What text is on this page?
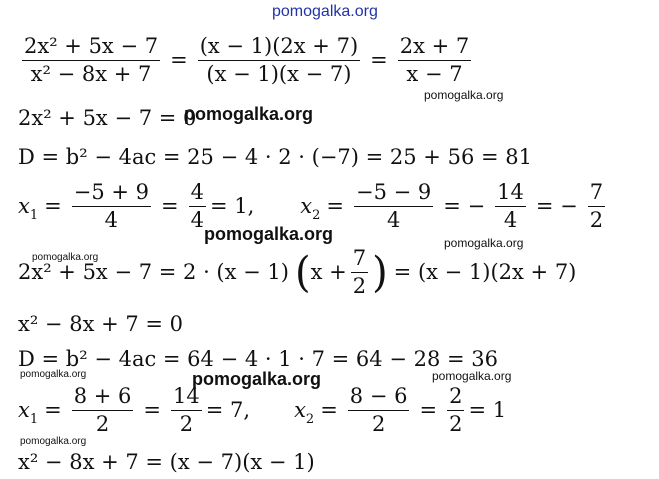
pomogalka.org
$\frac{\text{2x² + 5x − 7}}{\text{x² − 8x + 7}} = \frac{(x - 1)(2x + 7)}{(x - 1)(x - 7)} = \frac{2x + 7}{x - 7}$
pomogalka.org
2x² + 5x − 7 = 0
pomogalka.org
D = b² − 4ac = 25 − 4 · 2 · (−7) = 25 + 56 = 81
$x_1 = \frac{-5 + 9}{4} = \frac{4}{4} = 1$, $x_2 = \frac{-5 - 9}{4}$ = − $\frac{14}{4}$ = − $\frac{7}{2}$
pomogalka.org	pomogalka.org
pomogalka.org
2x² + 5x − 7 = 2 · (x − 1) ( $x + \frac{7}{2}$ ) = (x − 1)(2x + 7)
x² − 8x + 7 = 0
D = b² − 4ac = 64 − 4 · 1 · 7 = 64 − 28 = 36
pomogalka.org	pomogalka.org	pomogalka.org
$x_1 = \frac{8 + 6}{2} = \frac{14}{2} = 7$, $x_2 = \frac{8 - 6}{2} = \frac{2}{2} = 1$
pomogalka.org
x² − 8x + 7 = (x − 7)(x − 1)
